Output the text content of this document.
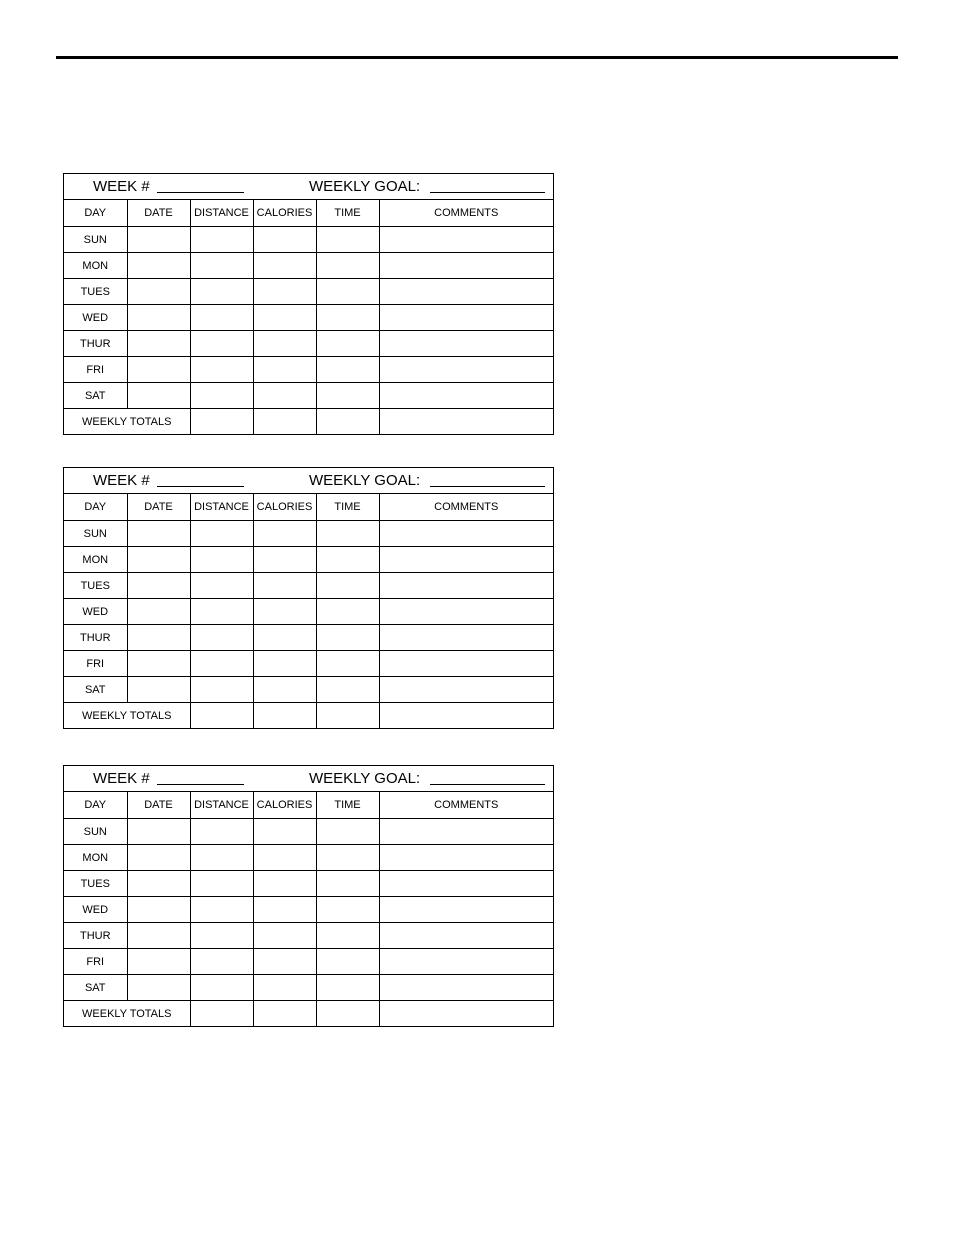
WEEK #	WEEKLY GOAL:
DAY	DATE	DISTANCE	CALORIES	TIME	COMMENTS
SUN					
MON					
TUES					
WED					
THUR					
FRI					
SAT					
WEEKLY TOTALS					
WEEK #	WEEKLY GOAL:
DAY	DATE	DISTANCE	CALORIES	TIME	COMMENTS
SUN					
MON					
TUES					
WED					
THUR					
FRI					
SAT					
WEEKLY TOTALS					
WEEK #	WEEKLY GOAL:
DAY	DATE	DISTANCE	CALORIES	TIME	COMMENTS
SUN					
MON					
TUES					
WED					
THUR					
FRI					
SAT					
WEEKLY TOTALS					
